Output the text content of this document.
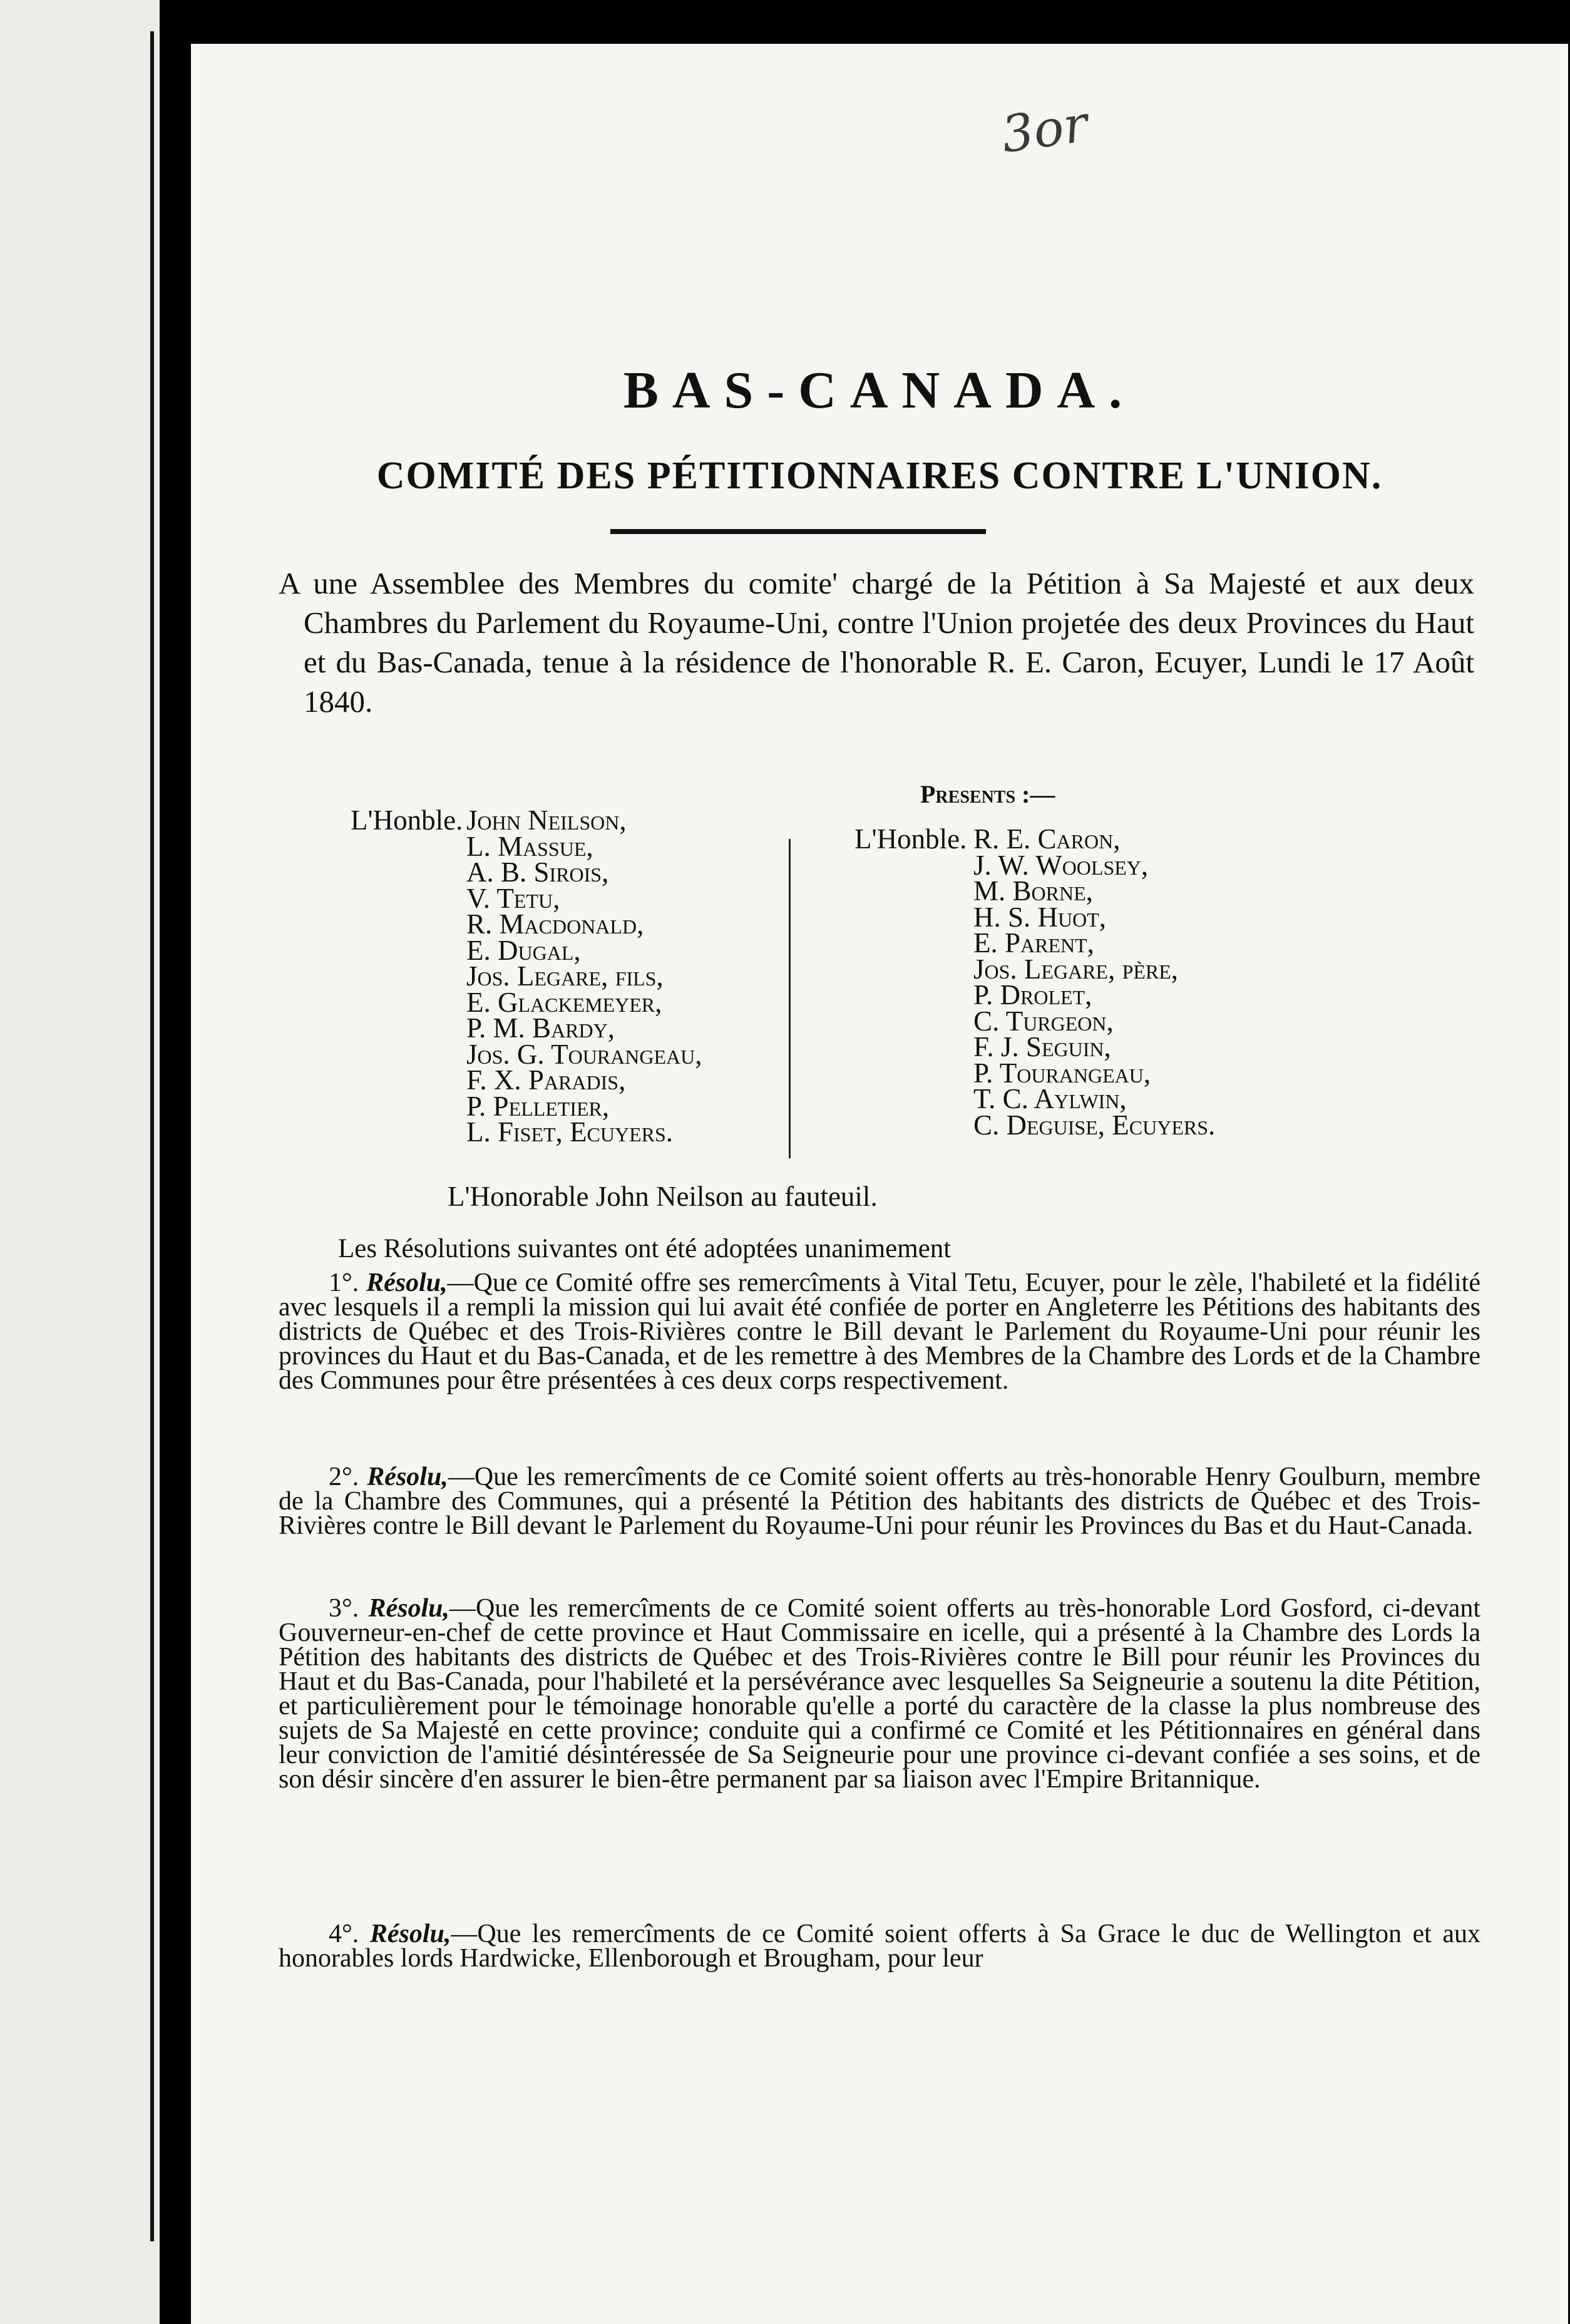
3or
BAS-CANADA.
COMITÉ DES PÉTITIONNAIRES CONTRE L'UNION.
A une Assemblee des Membres du comite' chargé de la Pétition à Sa Majesté et aux deux Chambres du Parlement du Royaume-Uni, contre l'Union projetée des deux Provinces du Haut et du Bas-Canada, tenue à la résidence de l'honorable R. E. Caron, Ecuyer, Lundi le 17 Août 1840.
Presents :—
L'Honble. John Neilson,
L. Massue,
A. B. Sirois,
V. Tetu,
R. Macdonald,
E. Dugal,
Jos. Legare, fils,
E. Glackemeyer,
P. M. Bardy,
Jos. G. Tourangeau,
F. X. Paradis,
P. Pelletier,
L. Fiset, Ecuyers.
L'Honble. R. E. Caron,
J. W. Woolsey,
M. Borne,
H. S. Huot,
E. Parent,
Jos. Legare, père,
P. Drolet,
C. Turgeon,
F. J. Seguin,
P. Tourangeau,
T. C. Aylwin,
C. Deguise, Ecuyers.
L'Honorable John Neilson au fauteuil.
Les Résolutions suivantes ont été adoptées unanimement
1°. Résolu,—Que ce Comité offre ses remercîments à Vital Tetu, Ecuyer, pour le zèle, l'habileté et la fidélité avec lesquels il a rempli la mission qui lui avait été confiée de porter en Angleterre les Pétitions des habitants des districts de Québec et des Trois-Rivières contre le Bill devant le Parlement du Royaume-Uni pour réunir les provinces du Haut et du Bas-Canada, et de les remettre à des Membres de la Chambre des Lords et de la Chambre des Communes pour être présentées à ces deux corps respectivement.
2°. Résolu,—Que les remercîments de ce Comité soient offerts au très-honorable Henry Goulburn, membre de la Chambre des Communes, qui a présenté la Pétition des habitants des districts de Québec et des Trois-Rivières contre le Bill devant le Parlement du Royaume-Uni pour réunir les Provinces du Bas et du Haut-Canada.
3°. Résolu,—Que les remercîments de ce Comité soient offerts au très-honorable Lord Gosford, ci-devant Gouverneur-en-chef de cette province et Haut Commissaire en icelle, qui a présenté à la Chambre des Lords la Pétition des habitants des districts de Québec et des Trois-Rivières contre le Bill pour réunir les Provinces du Haut et du Bas-Canada, pour l'habileté et la persévérance avec lesquelles Sa Seigneurie a soutenu la dite Pétition, et particulièrement pour le témoinage honorable qu'elle a porté du caractère de la classe la plus nombreuse des sujets de Sa Majesté en cette province; conduite qui a confirmé ce Comité et les Pétitionnaires en général dans leur conviction de l'amitié désintéressée de Sa Seigneurie pour une province ci-devant confiée a ses soins, et de son désir sincère d'en assurer le bien-être permanent par sa liaison avec l'Empire Britannique.
4°. Résolu,—Que les remercîments de ce Comité soient offerts à Sa Grace le duc de Wellington et aux honorables lords Hardwicke, Ellenborough et Brougham, pour leur
